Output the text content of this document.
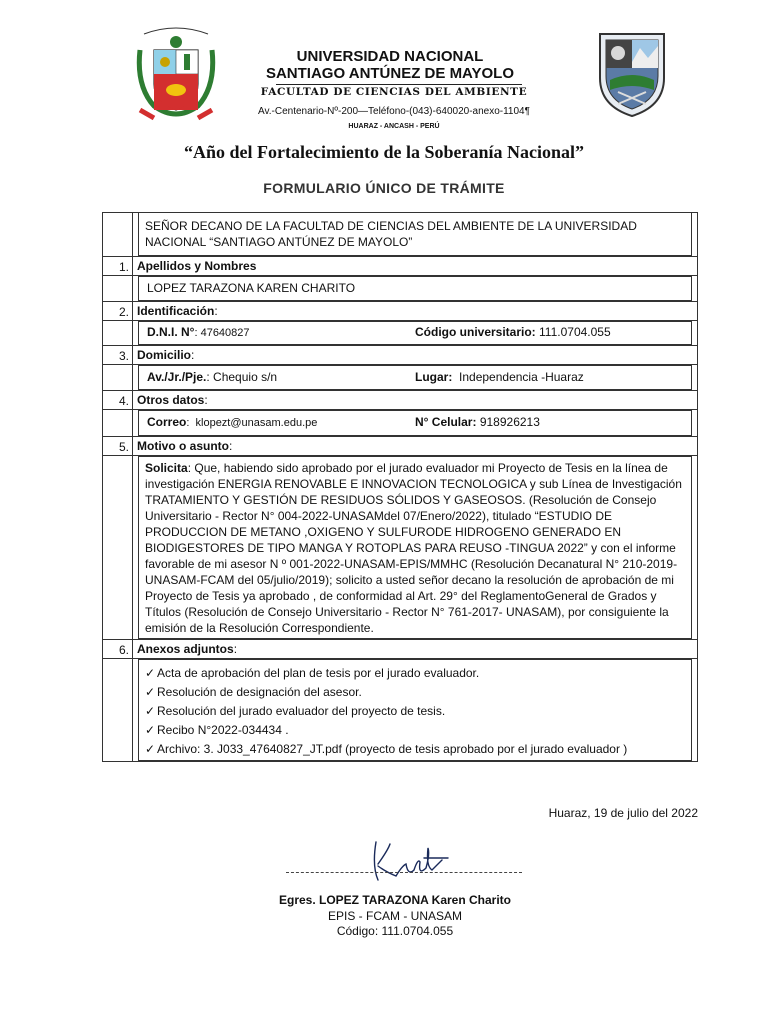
UNIVERSIDAD NACIONAL
SANTIAGO ANTÚNEZ DE MAYOLO
FACULTAD DE CIENCIAS DEL AMBIENTE
Av.-Centenario-Nº-200—Teléfono-(043)-640020-anexo-1104¶
HUARAZ - ANCASH - PERÚ
“Año del Fortalecimiento de la Soberanía Nacional”
FORMULARIO ÚNICO DE TRÁMITE

	SEÑOR DECANO DE LA FACULTAD DE CIENCIAS DEL AMBIENTE DE LA UNIVERSIDAD NACIONAL “SANTIAGO ANTÚNEZ DE MAYOLO”

1.	Apellidos y Nombres

	LOPEZ TARAZONA KAREN CHARITO

2.	Identificación:

	D.N.I. N°: 47640827 Código universitario: 111.0704.055

3.	Domicilio:

	Av./Jr./Pje.: Chequio s/n Lugar:  Independencia -Huaraz

4.	Otros datos:

	Correo:  klopezt@unasam.edu.pe N° Celular: 918926213

5.	Motivo o asunto:

	Solicita: Que, habiendo sido aprobado por el jurado evaluador mi Proyecto de Tesis en la línea de investigación ENERGIA RENOVABLE E INNOVACION TECNOLOGICA y sub Línea de Investigación TRATAMIENTO Y GESTIÓN DE RESIDUOS SÓLIDOS Y GASEOSOS. (Resolución de Consejo Universitario - Rector N° 004-2022-UNASAMdel 07/Enero/2022), titulado “ESTUDIO DE PRODUCCION DE METANO ,OXIGENO Y SULFURODE HIDROGENO GENERADO EN BIODIGESTORES DE TIPO MANGA Y ROTOPLAS PARA REUSO -TINGUA 2022” y con el informe favorable de mi asesor N º 001-2022-UNASAM-EPIS/MMHC (Resolución Decanatural N° 210-2019-UNASAM-FCAM del 05/julio/2019); solicito a usted señor decano la resolución de aprobación de mi Proyecto de Tesis ya aprobado , de conformidad al Art. 29° del ReglamentoGeneral de Grados y Títulos (Resolución de Consejo Universitario - Rector N° 761-2017- UNASAM), por consiguiente la emisión de la Resolución Correspondiente.

6.	Anexos adjuntos:

	✓ Acta de aprobación del plan de tesis por el jurado evaluador.
✓ Resolución de designación del asesor.
✓ Resolución del jurado evaluador del proyecto de tesis.
✓ Recibo N°2022-034434 .
✓ Archivo: 3. J033_47640827_JT.pdf (proyecto de tesis aprobado por el jurado evaluador )
Huaraz, 19 de julio del 2022
Egres. LOPEZ TARAZONA Karen Charito
EPIS - FCAM - UNASAM
Código: 111.0704.055
